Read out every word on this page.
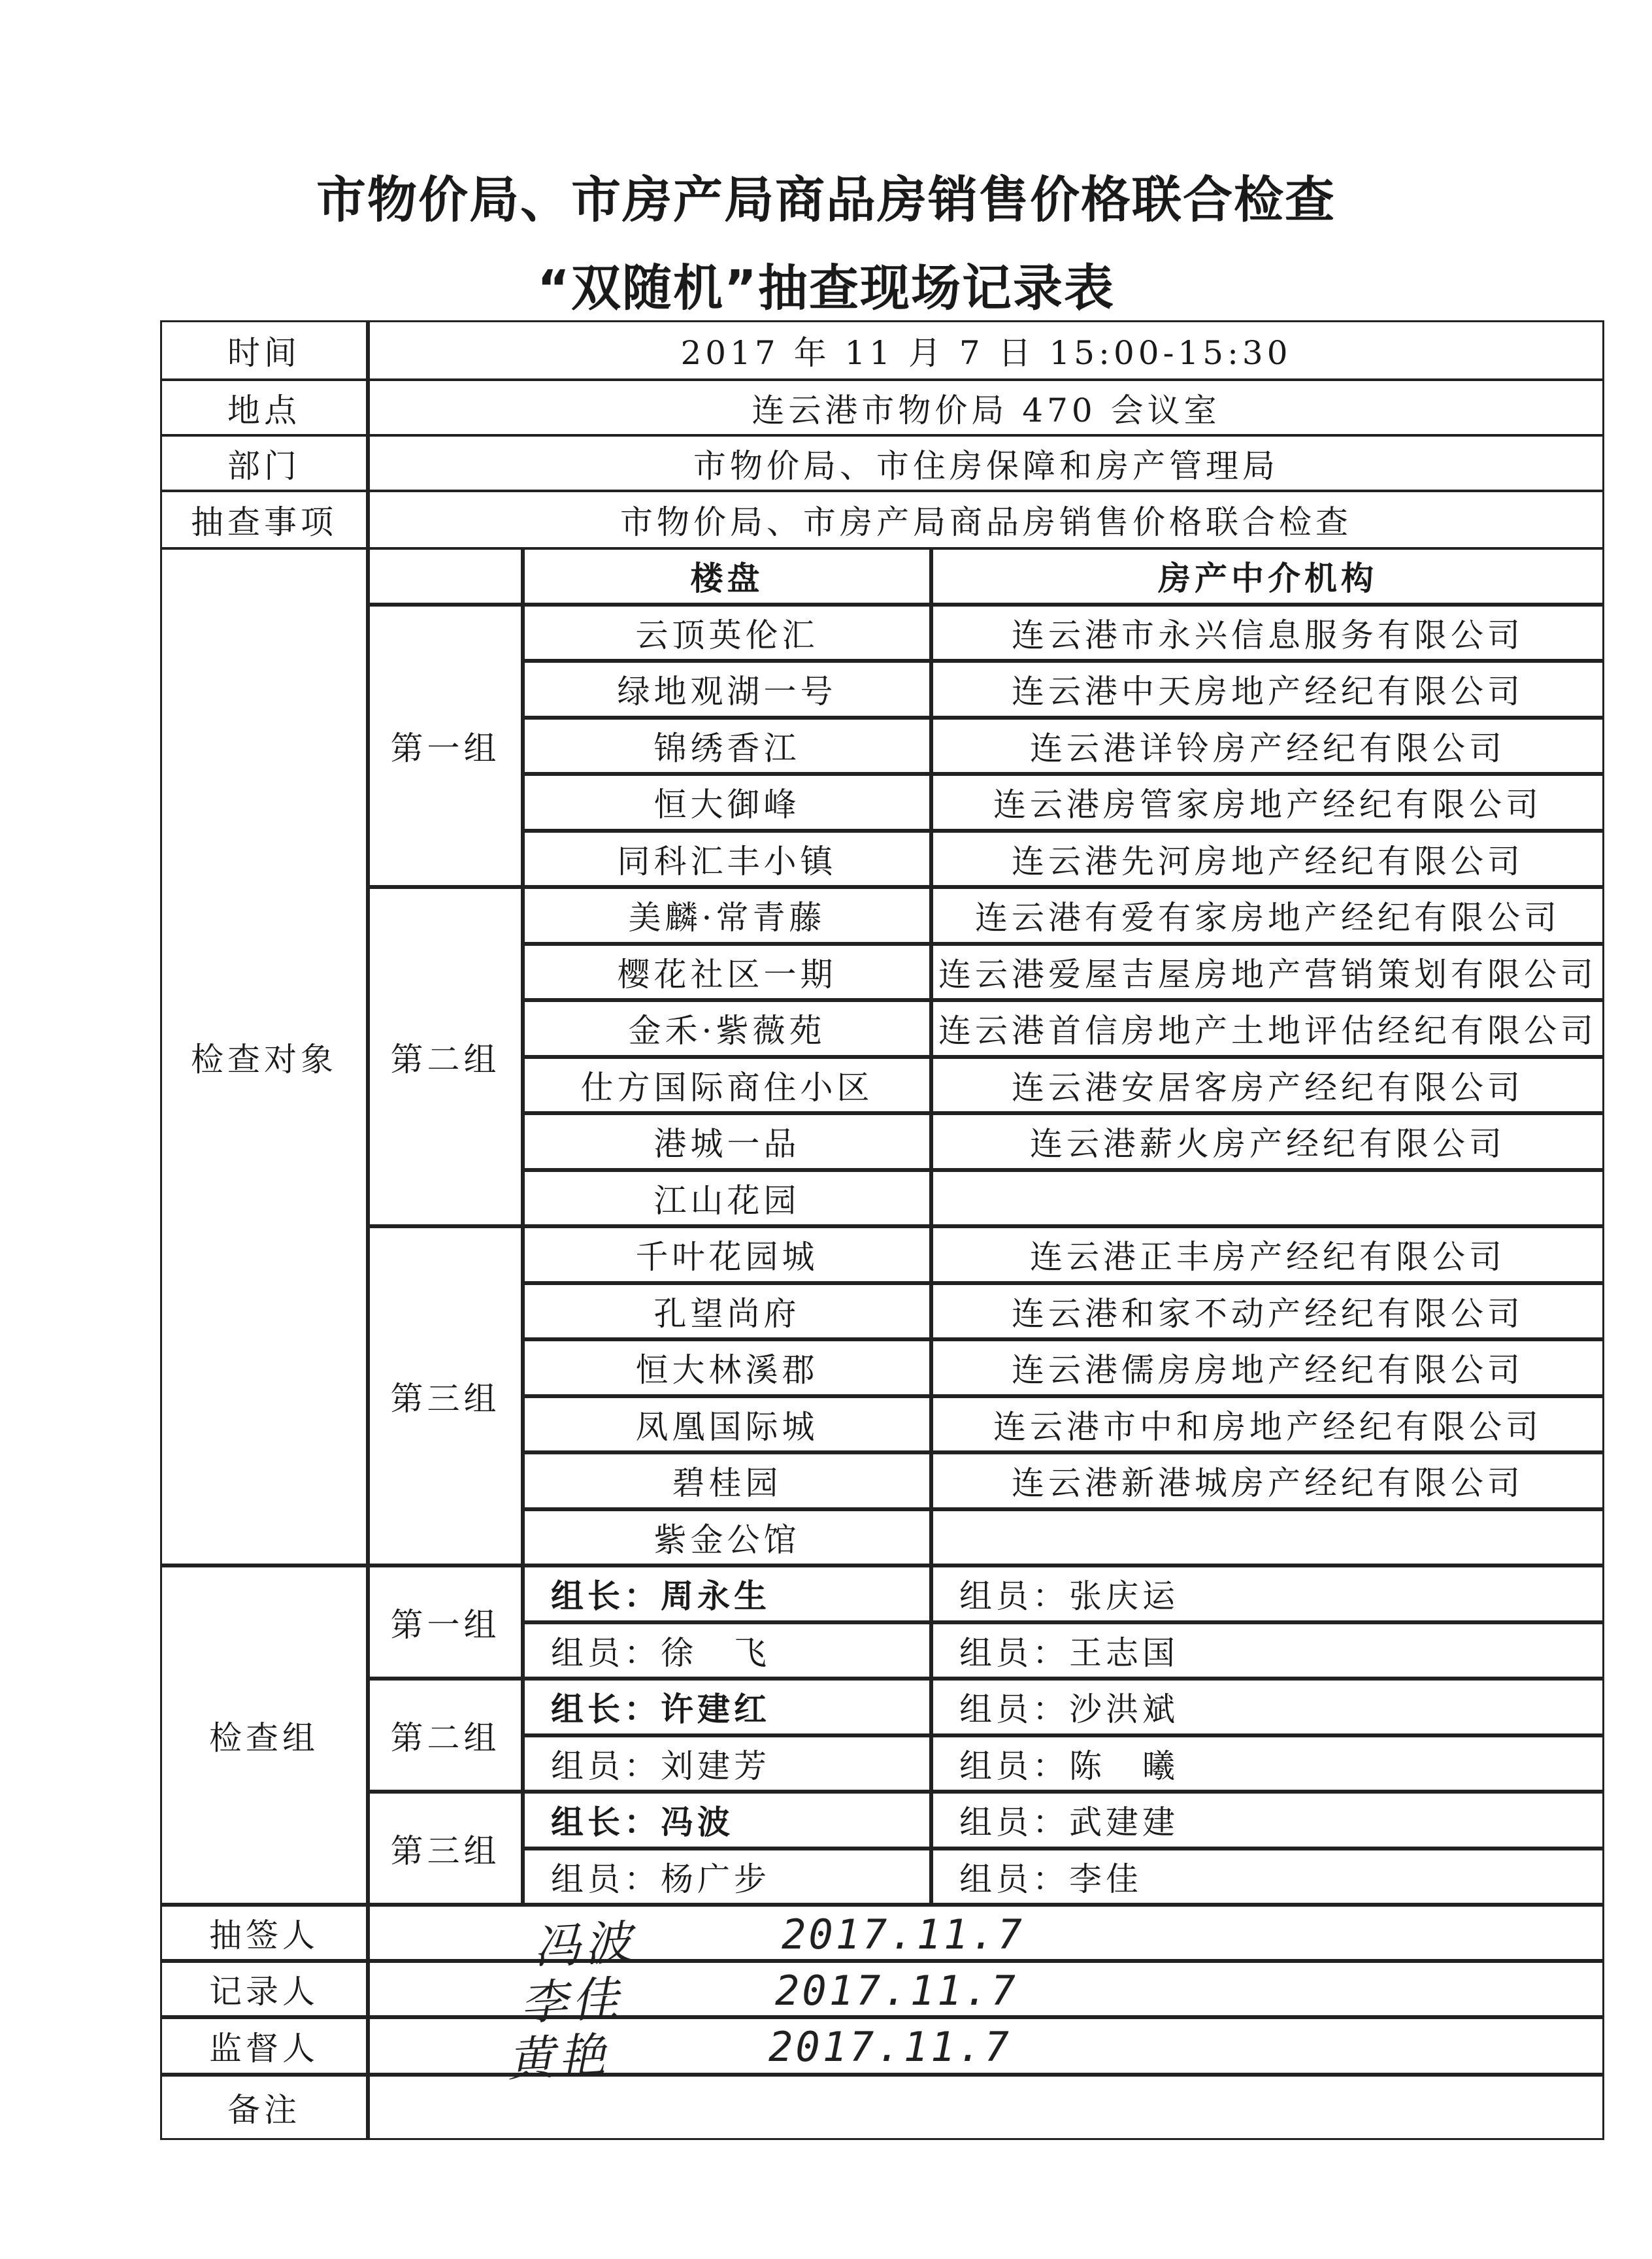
市物价局、市房产局商品房销售价格联合检查
“双随机”抽查现场记录表
时间	2017 年 11 月 7 日 15:00-15:30
地点	连云港市物价局 470 会议室
部门	市物价局、市住房保障和房产管理局
抽查事项	市物价局、市房产局商品房销售价格联合检查
检查对象
楼盘	房产中介机构
第一组
云顶英伦汇	连云港市永兴信息服务有限公司
绿地观湖一号	连云港中天房地产经纪有限公司
锦绣香江	连云港详铃房产经纪有限公司
恒大御峰	连云港房管家房地产经纪有限公司
同科汇丰小镇	连云港先河房地产经纪有限公司
第二组
美麟·常青藤	连云港有爱有家房地产经纪有限公司
樱花社区一期	连云港爱屋吉屋房地产营销策划有限公司
金禾·紫薇苑	连云港首信房地产土地评估经纪有限公司
仕方国际商住小区	连云港安居客房产经纪有限公司
港城一品	连云港薪火房产经纪有限公司
江山花园
第三组
千叶花园城	连云港正丰房产经纪有限公司
孔望尚府	连云港和家不动产经纪有限公司
恒大林溪郡	连云港儒房房地产经纪有限公司
凤凰国际城	连云港市中和房地产经纪有限公司
碧桂园	连云港新港城房产经纪有限公司
紫金公馆
检查组
第一组
组长：周永生	组员：张庆运
组员：徐　飞	组员：王志国
第二组
组长：许建红	组员：沙洪斌
组员：刘建芳	组员：陈　曦
第三组
组长：冯波	组员：武建建
组员：杨广步	组员：李佳
抽签人	冯波	2017.11.7
记录人	李佳	2017.11.7
监督人	黄艳	2017.11.7
备注
